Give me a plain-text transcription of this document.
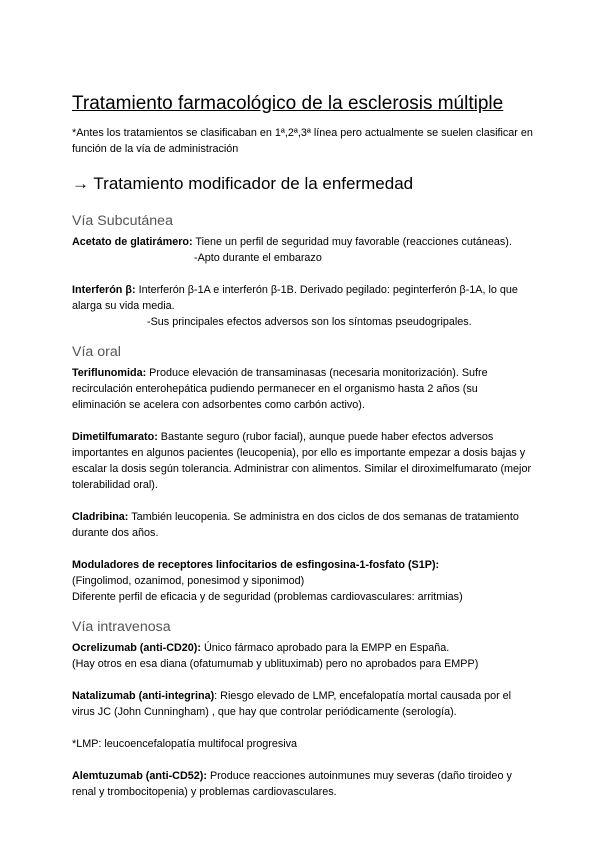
Tratamiento farmacológico de la esclerosis múltiple

*Antes los tratamientos se clasificaban en 1ª,2ª,3ª línea pero actualmente se suelen clasificar en función de la vía de administración

→ Tratamiento modificador de la enfermedad
Vía Subcutánea

Acetato de glatirámero: Tiene un perfil de seguridad muy favorable (reacciones cutáneas).

-Apto durante el embarazo

Interferón β: Interferón β-1A e interferón β-1B. Derivado pegilado: peginterferón β-1A, lo que alarga su vida media.

-Sus principales efectos adversos son los síntomas pseudogripales.

Vía oral

Teriflunomida: Produce elevación de transaminasas (necesaria monitorización). Sufre recirculación enterohepática pudiendo permanecer en el organismo hasta 2 años (su eliminación se acelera con adsorbentes como carbón activo).

Dimetilfumarato: Bastante seguro (rubor facial), aunque puede haber efectos adversos importantes en algunos pacientes (leucopenia), por ello es importante empezar a dosis bajas y escalar la dosis según tolerancia. Administrar con alimentos. Similar el diroximelfumarato (mejor tolerabilidad oral).

Cladribina: También leucopenia. Se administra en dos ciclos de dos semanas de tratamiento durante dos años.

Moduladores de receptores linfocitarios de esfingosina-1-fosfato (S1P):

(Fingolimod, ozanimod, ponesimod y siponimod)

Diferente perfil de eficacia y de seguridad (problemas cardiovasculares: arritmias)

Vía intravenosa

Ocrelizumab (anti-CD20): Único fármaco aprobado para la EMPP en España.

(Hay otros en esa diana (ofatumumab y ublituximab) pero no aprobados para EMPP)

Natalizumab (anti-integrina): Riesgo elevado de LMP, encefalopatía mortal causada por el virus JC (John Cunningham) , que hay que controlar periódicamente (serología).

*LMP: leucoencefalopatía multifocal progresiva

Alemtuzumab (anti-CD52): Produce reacciones autoinmunes muy severas (daño tiroideo y renal y trombocitopenia) y problemas cardiovasculares.
